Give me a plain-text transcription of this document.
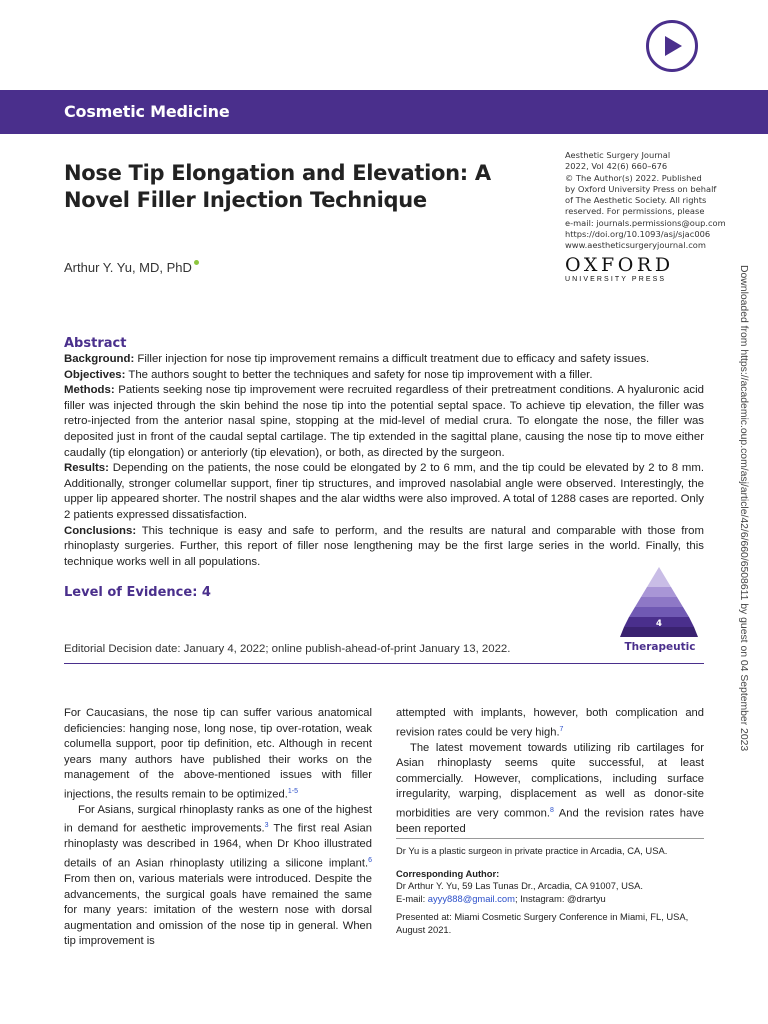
Cosmetic Medicine
Nose Tip Elongation and Elevation: A Novel Filler Injection Technique
Arthur Y. Yu, MD, PhD
Aesthetic Surgery Journal
2022, Vol 42(6) 660–676
© The Author(s) 2022. Published
by Oxford University Press on behalf
of The Aesthetic Society. All rights
reserved. For permissions, please
e-mail: journals.permissions@oup.com
https://doi.org/10.1093/asj/sjac006
www.aestheticsurgeryjournal.com
OXFORD
UNIVERSITY PRESS	Downloaded from https://academic.oup.com/asj/article/42/6/660/6508611 by guest on 04 September 2023
Abstract

Background: Filler injection for nose tip improvement remains a difficult treatment due to efficacy and safety issues.

Objectives: The authors sought to better the techniques and safety for nose tip improvement with a filler.

Methods: Patients seeking nose tip improvement were recruited regardless of their pretreatment conditions. A hyaluronic acid filler was injected through the skin behind the nose tip into the potential septal space. To achieve tip elevation, the filler was retro-injected from the anterior nasal spine, stopping at the mid-level of medial crura. To elongate the nose, the filler was deposited just in front of the caudal septal cartilage. The tip extended in the sagittal plane, causing the nose tip to move either caudally (tip elongation) or anteriorly (tip elevation), or both, as directed by the surgeon.

Results: Depending on the patients, the nose could be elongated by 2 to 6 mm, and the tip could be elevated by 2 to 8 mm. Additionally, stronger columellar support, finer tip structures, and improved nasolabial angle were observed. Interestingly, the upper lip appeared shorter. The nostril shapes and the alar widths were also improved. A total of 1288 cases are reported. Only 2 patients expressed dissatisfaction.

Conclusions: This technique is easy and safe to perform, and the results are natural and comparable with those from rhinoplasty surgeries. Further, this report of filler nose lengthening may be the first large series in the world. Finally, this technique works well in all populations.

Level of Evidence: 4
4
Therapeutic
Editorial Decision date: January 4, 2022; online publish-ahead-of-print January 13, 2022.

For Caucasians, the nose tip can suffer various anatomical deficiencies: hanging nose, long nose, tip over-rotation, weak columella support, poor tip definition, etc. Although in recent years many authors have published their works on the management of the above-mentioned issues with filler injections, the results remain to be optimized.$^{1-5}$

For Asians, surgical rhinoplasty ranks as one of the highest in demand for aesthetic improvements.$^3$ The first real Asian rhinoplasty was described in 1964, when Dr Khoo illustrated details of an Asian rhinoplasty utilizing a silicone implant.$^6$ From then on, various materials were introduced. Despite the advancements, the surgical goals have remained the same for many years: imitation of the western nose with dorsal augmentation and omission of the nose tip in general. When tip improvement is

attempted with implants, however, both complication and revision rates could be very high.$^7$

The latest movement towards utilizing rib cartilages for Asian rhinoplasty seems quite successful, at least commercially. However, complications, including surface irregularity, warping, displacement as well as donor-site morbidities are very common.$^8$ And the revision rates have been reported

Dr Yu is a plastic surgeon in private practice in Arcadia, CA, USA.

Corresponding Author:

Dr Arthur Y. Yu, 59 Las Tunas Dr., Arcadia, CA 91007, USA.

E-mail: ayyy888@gmail.com; Instagram: @drartyu

Presented at: Miami Cosmetic Surgery Conference in Miami, FL, USA, August 2021.
